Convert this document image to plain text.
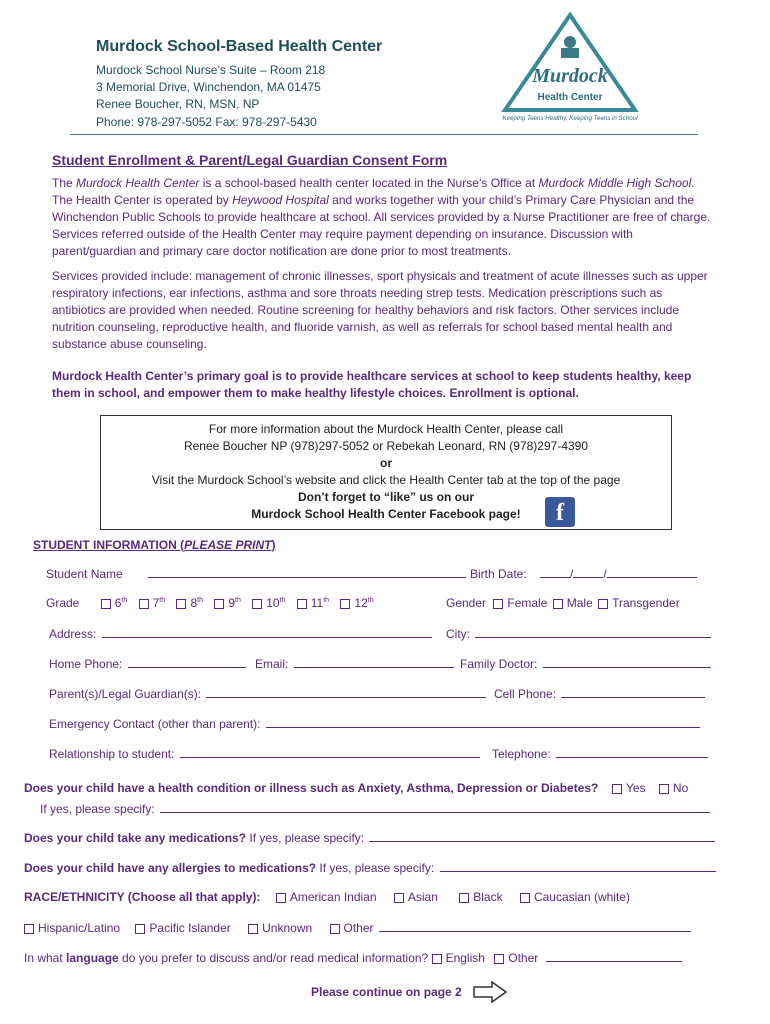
Murdock School-Based Health Center
Murdock School Nurse’s Suite – Room 218
3 Memorial Drive, Winchendon, MA 01475
Renee Boucher, RN, MSN, NP
Phone: 978-297-5052 Fax: 978-297-5430
Murdock
Health Center
Keeping Teens Healthy, Keeping Teens in School
Student Enrollment & Parent/Legal Guardian Consent Form
The Murdock Health Center is a school-based health center located in the Nurse’s Office at Murdock Middle High School. The Health Center is operated by Heywood Hospital and works together with your child’s Primary Care Physician and the Winchendon Public Schools to provide healthcare at school. All services provided by a Nurse Practitioner are free of charge. Services referred outside of the Health Center may require payment depending on insurance. Discussion with parent/guardian and primary care doctor notification are done prior to most treatments.
Services provided include: management of chronic illnesses, sport physicals and treatment of acute illnesses such as upper respiratory infections, ear infections, asthma and sore throats needing strep tests. Medication prescriptions such as antibiotics are provided when needed. Routine screening for healthy behaviors and risk factors. Other services include nutrition counseling, reproductive health, and fluoride varnish, as well as referrals for school based mental health and substance abuse counseling.
Murdock Health Center’s primary goal is to provide healthcare services at school to keep students healthy, keep them in school, and empower them to make healthy lifestyle choices. Enrollment is optional.
For more information about the Murdock Health Center, please call
Renee Boucher NP (978)297-5052 or Rebekah Leonard, RN (978)297-4390
or
Visit the Murdock School’s website and click the Health Center tab at the top of the page
Don’t forget to “like” us on our
Murdock School Health Center Facebook page!	f
STUDENT INFORMATION (PLEASE PRINT)
Student Name	Birth Date:	/	/
Grade	6th 7th 8th 9th 10th 11th 12th	Gender Female Male Transgender
Address:	City:
Home Phone:	Email:	Family Doctor:
Parent(s)/Legal Guardian(s):	Cell Phone:
Emergency Contact (other than parent):
Relationship to student:	Telephone:
Does your child have a health condition or illness such as Anxiety, Asthma, Depression or Diabetes?	Yes No
If yes, please specify:
Does your child take any medications? If yes, please specify:
Does your child have any allergies to medications? If yes, please specify:
RACE/ETHNICITY (Choose all that apply): American Indian	Asian	Black	Caucasian (white)
Hispanic/Latino Pacific Islander	Unknown	Other
In what language do you prefer to discuss and/or read medical information? English Other
Please continue on page 2
